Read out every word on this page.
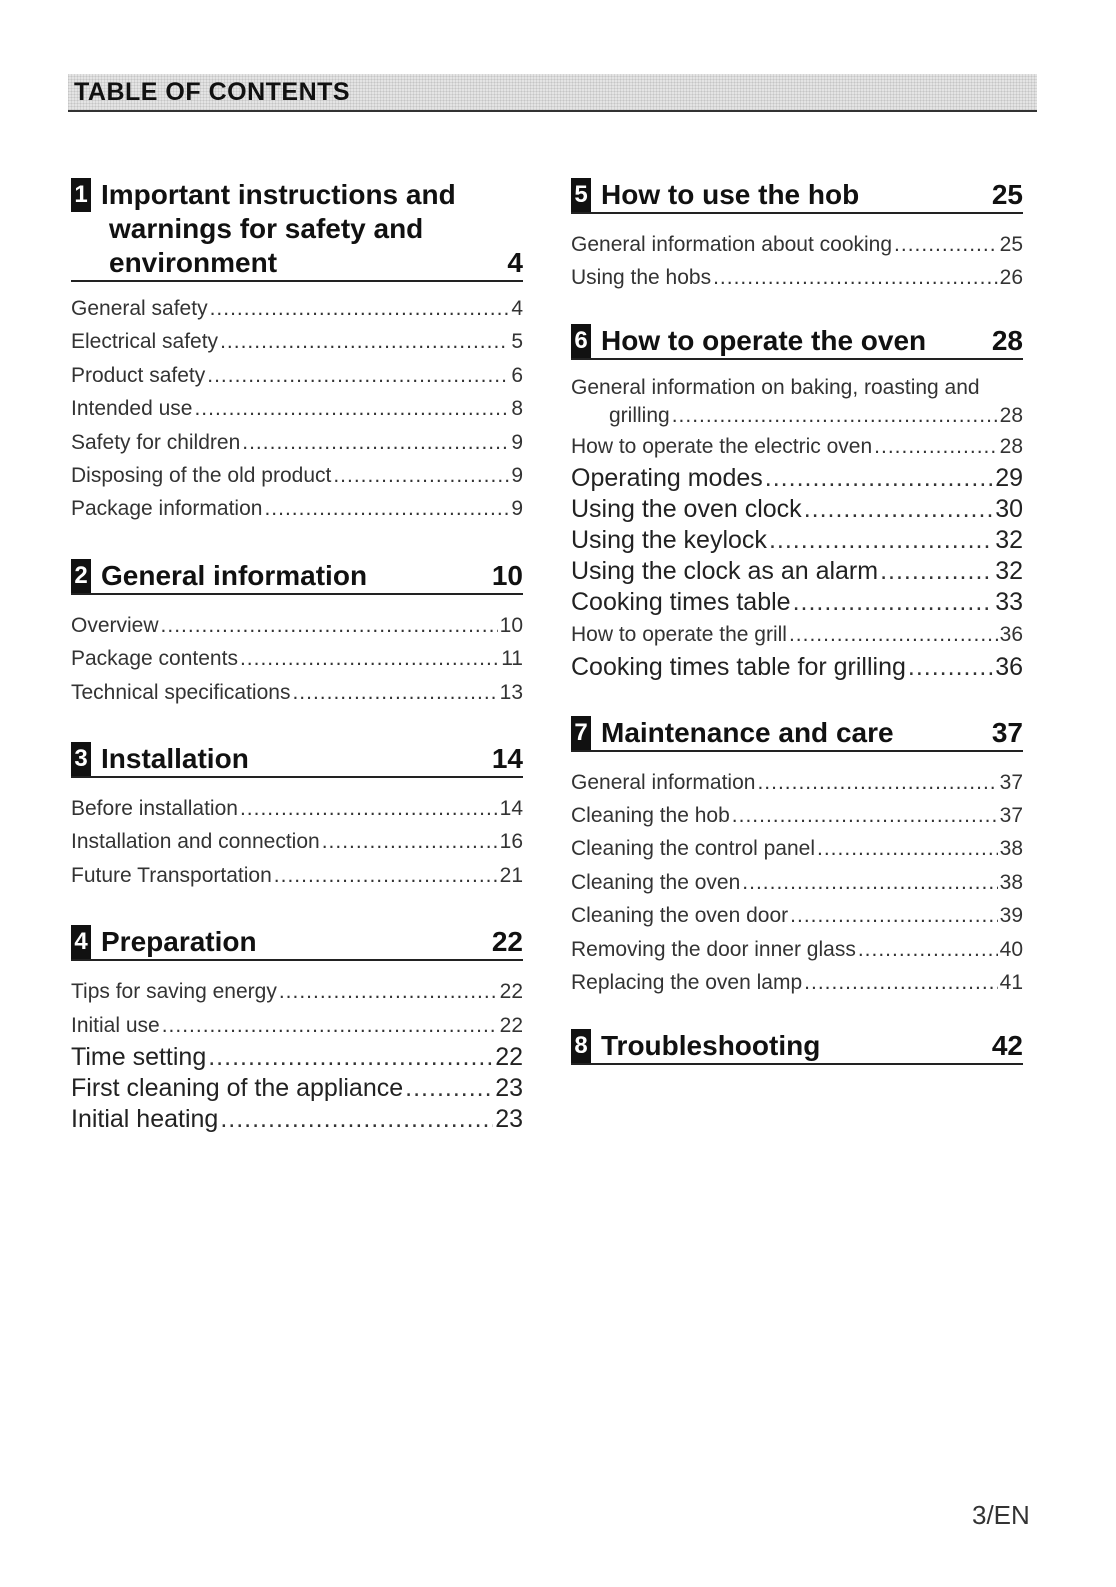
TABLE OF CONTENTS
1 Important instructions and
warnings for safety and
environment	4
General safety .....	4
Electrical safety .....	5
Product safety .....	6
Intended use .....	8
Safety for children .....	9
Disposing of the old product .....	9
Package information .....	9
2 General information	10
Overview .....	10
Package contents .....	11
Technical specifications .....	13
3 Installation	14
Before installation .....	14
Installation and connection .....	16
Future Transportation .....	21
4 Preparation	22
Tips for saving energy .....	22
Initial use .....	22
Time setting .....	22
First cleaning of the appliance .....	23
Initial heating .....	23
5 How to use the hob	25
General information about cooking .....	25
Using the hobs .....	26
6 How to operate the oven	28
General information on baking, roasting and
grilling .....	28
How to operate the electric oven .....	28
Operating modes .....	29
Using the oven clock .....	30
Using the keylock .....	32
Using the clock as an alarm .....	32
Cooking times table .....	33
How to operate the grill .....	36
Cooking times table for grilling .....	36
7 Maintenance and care	37
General information .....	37
Cleaning the hob .....	37
Cleaning the control panel .....	38
Cleaning the oven .....	38
Cleaning the oven door .....	39
Removing the door inner glass .....	40
Replacing the oven lamp .....	41
8 Troubleshooting	42
3/EN
